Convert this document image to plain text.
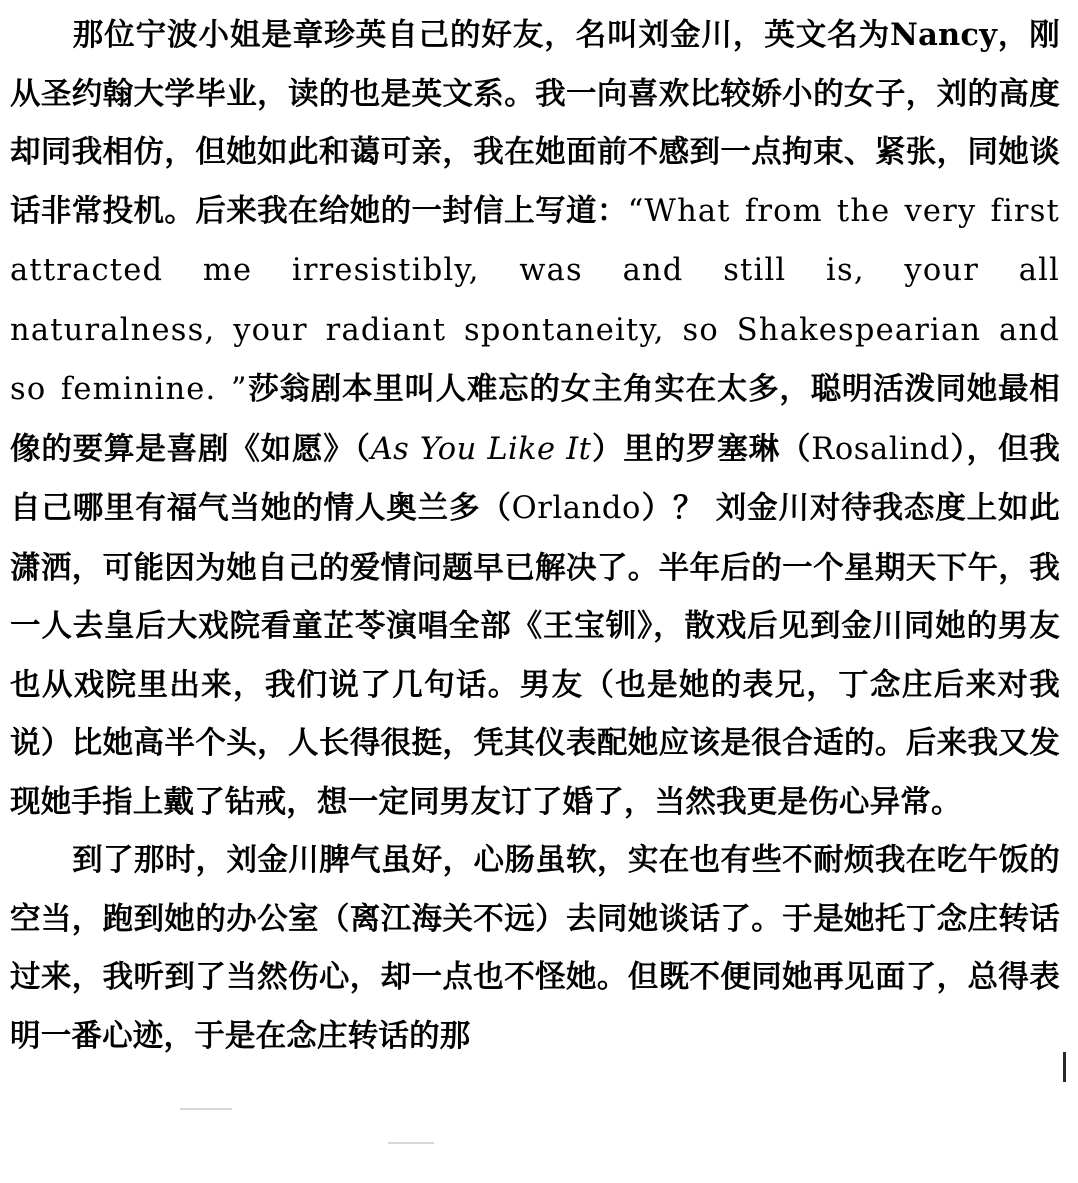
那位宁波小姐是章珍英自己的好友，名叫刘金川，英文名为Nancy，刚从圣约翰大学毕业，读的也是英文系。我一向喜欢比较娇小的女子，刘的高度却同我相仿，但她如此和蔼可亲，我在她面前不感到一点拘束、紧张，同她谈话非常投机。后来我在给她的一封信上写道：“What from the very first attracted me irresistibly, was and still is, your all naturalness, your radiant spontaneity, so Shakespearian and so feminine. ”莎翁剧本里叫人难忘的女主角实在太多，聪明活泼同她最相像的要算是喜剧《如愿》（As You Like It）里的罗塞琳（Rosalind），但我自己哪里有福气当她的情人奥兰多（Orlando）？ 刘金川对待我态度上如此潇洒，可能因为她自己的爱情问题早已解决了。半年后的一个星期天下午，我一人去皇后大戏院看童芷苓演唱全部《王宝钏》，散戏后见到金川同她的男友也从戏院里出来，我们说了几句话。男友（也是她的表兄，丁念庄后来对我说）比她高半个头，人长得很挺，凭其仪表配她应该是很合适的。后来我又发现她手指上戴了钻戒，想一定同男友订了婚了，当然我更是伤心异常。

到了那时，刘金川脾气虽好，心肠虽软，实在也有些不耐烦我在吃午饭的空当，跑到她的办公室（离江海关不远）去同她谈话了。于是她托丁念庄转话过来，我听到了当然伤心，却一点也不怪她。但既不便同她再见面了，总得表明一番心迹，于是在念庄转话的那
